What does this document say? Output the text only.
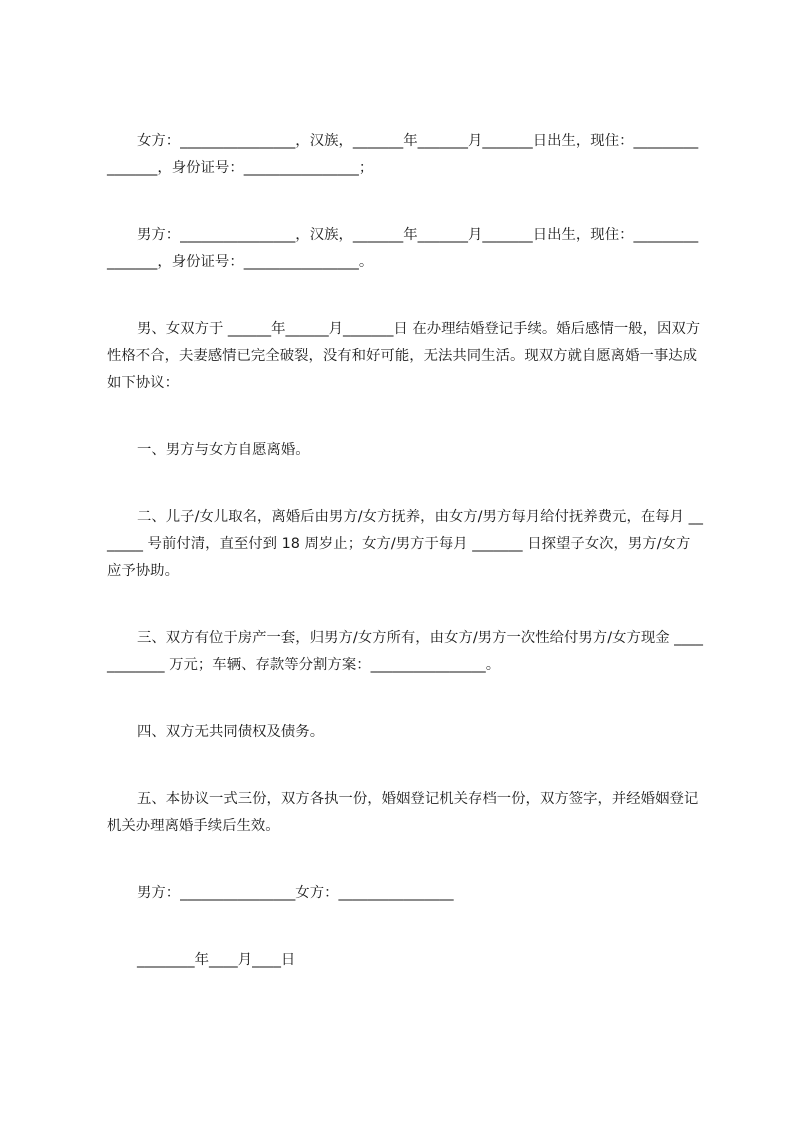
女方：________________，汉族，_______年_______月_______日出生，现住：________________，身份证号：________________；

男方：________________，汉族，_______年_______月_______日出生，现住：________________，身份证号：________________。

男、女双方于 ______年______月_______日 在办理结婚登记手续。婚后感情一般，因双方性格不合，夫妻感情已完全破裂，没有和好可能，无法共同生活。现双方就自愿离婚一事达成如下协议：

一、男方与女方自愿离婚。

二、儿子/女儿取名，离婚后由男方/女方抚养，由女方/男方每月给付抚养费元，在每月 _______ 号前付清，直至付到 18 周岁止；女方/男方于每月 _______ 日探望子女次，男方/女方应予协助。

三、双方有位于房产一套，归男方/女方所有，由女方/男方一次性给付男方/女方现金 ____________ 万元；车辆、存款等分割方案：________________。

四、双方无共同债权及债务。

五、本协议一式三份，双方各执一份，婚姻登记机关存档一份，双方签字，并经婚姻登记机关办理离婚手续后生效。

男方：________________女方：________________

________年____月____日
